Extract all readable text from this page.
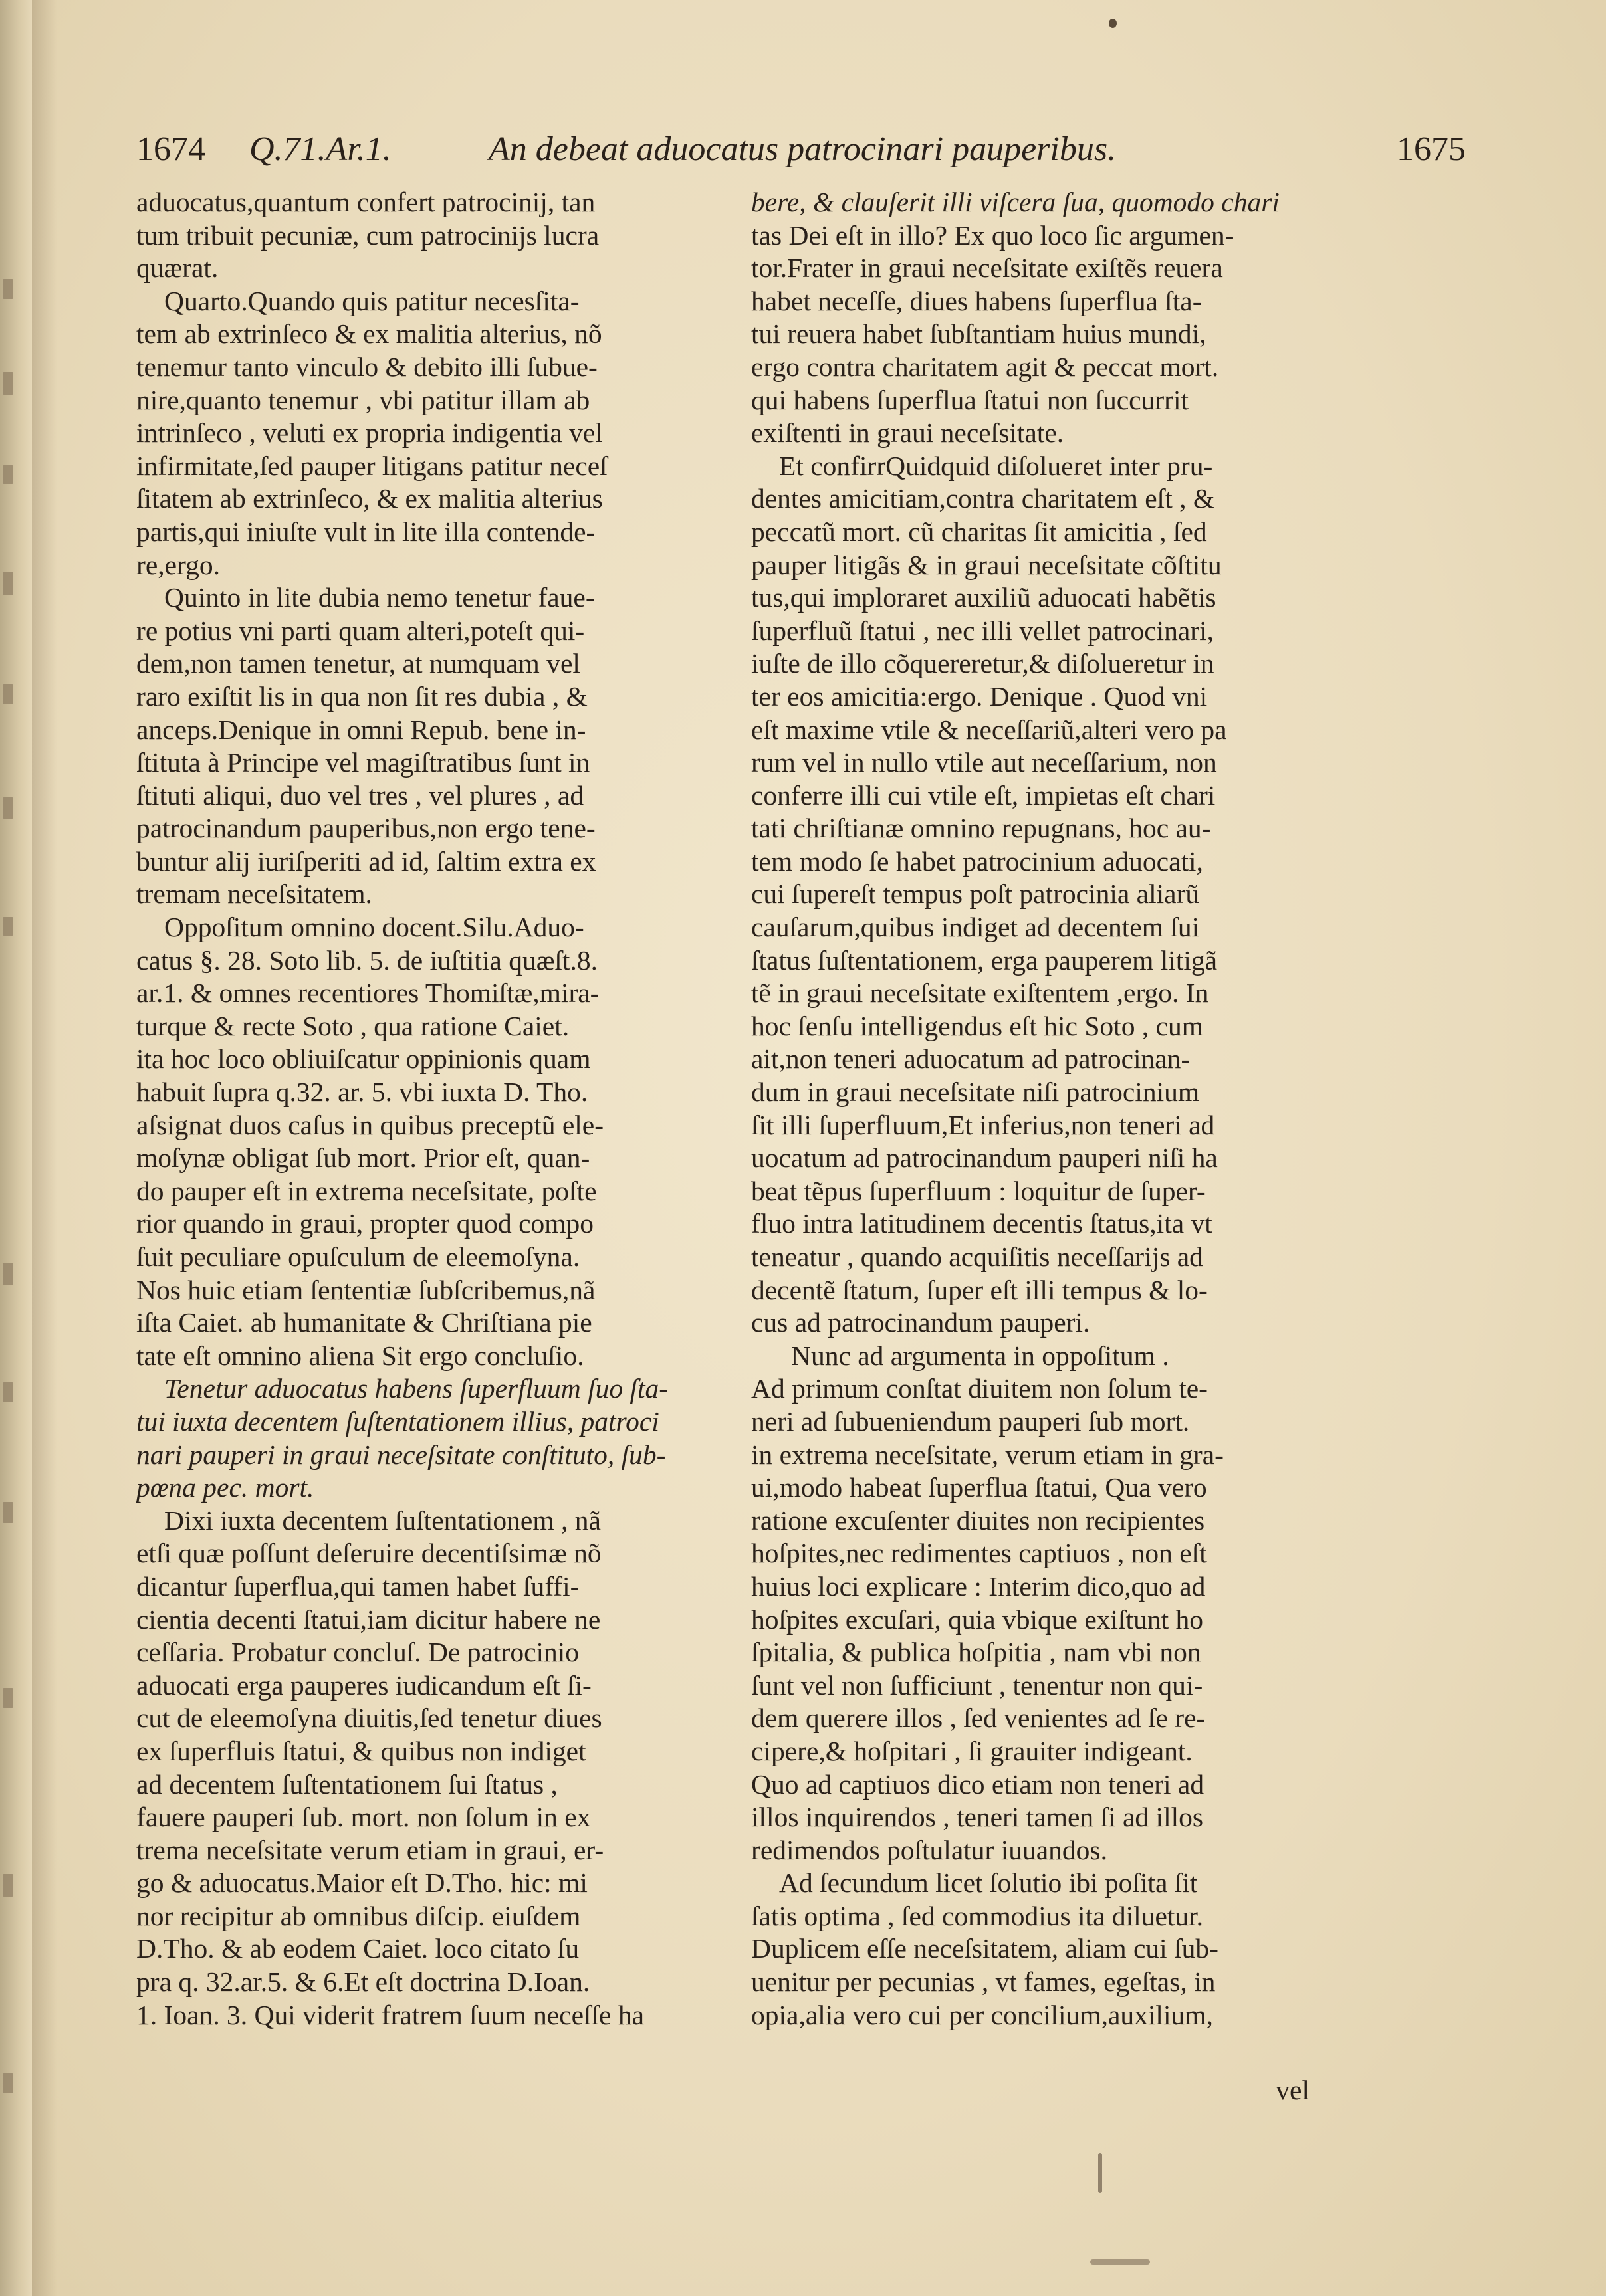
1674 Q.71.Ar.1.	An debeat aduocatus patrocinari pauperibus.	1675

aduocatus,quantum confert patrocinij, tan
tum tribuit pecuniæ, cum patrocinijs lucra
quærat.

Quarto.Quando quis patitur necesſita-
tem ab extrinſeco & ex malitia alterius, nõ
tenemur tanto vinculo & debito illi ſubue-
nire,quanto tenemur , vbi patitur illam ab
intrinſeco , veluti ex propria indigentia vel
infirmitate,ſed pauper litigans patitur neceſ
ſitatem ab extrinſeco, & ex malitia alterius
partis,qui iniuſte vult in lite illa contende-
re,ergo.

Quinto in lite dubia nemo tenetur faue-
re potius vni parti quam alteri,poteſt qui-
dem,non tamen tenetur, at numquam vel
raro exiſtit lis in qua non ſit res dubia , &
anceps.Denique in omni Repub. bene in-
ſtituta à Principe vel magiſtratibus ſunt in
ſtituti aliqui, duo vel tres , vel plures , ad
patrocinandum pauperibus,non ergo tene-
buntur alij iuriſperiti ad id, ſaltim extra ex
tremam neceſsitatem.

Oppoſitum omnino docent.Silu.Aduo-
catus §. 28. Soto lib. 5. de iuſtitia quæſt.8.
ar.1. & omnes recentiores Thomiſtæ,mira-
turque & recte Soto , qua ratione Caiet.
ita hoc loco obliuiſcatur oppinionis quam
habuit ſupra q.32. ar. 5. vbi iuxta D. Tho.
aſsignat duos caſus in quibus preceptũ ele-
moſynæ obligat ſub mort. Prior eſt, quan-
do pauper eſt in extrema neceſsitate, poſte
rior quando in graui, propter quod compo
ſuit peculiare opuſculum de eleemoſyna.
Nos huic etiam ſententiæ ſubſcribemus,nã
iſta Caiet. ab humanitate & Chriſtiana pie
tate eſt omnino aliena Sit ergo concluſio.

Tenetur aduocatus habens ſuperfluum ſuo ſta-
tui iuxta decentem ſuſtentationem illius, patroci
nari pauperi in graui neceſsitate conſtituto, ſub-
pœna pec. mort.

Dixi iuxta decentem ſuſtentationem , nã
etſi quæ poſſunt deſeruire decentiſsimæ nõ
dicantur ſuperflua,qui tamen habet ſuffi-
cientia decenti ſtatui,iam dicitur habere ne
ceſſaria. Probatur concluſ. De patrocinio
aduocati erga pauperes iudicandum eſt ſi-
cut de eleemoſyna diuitis,ſed tenetur diues
ex ſuperfluis ſtatui, & quibus non indiget
ad decentem ſuſtentationem ſui ſtatus ,
fauere pauperi ſub. mort. non ſolum in ex
trema neceſsitate verum etiam in graui, er-
go & aduocatus.Maior eſt D.Tho. hic: mi
nor recipitur ab omnibus diſcip. eiuſdem
D.Tho. & ab eodem Caiet. loco citato ſu
pra q. 32.ar.5. & 6.Et eſt doctrina D.Ioan.
1. Ioan. 3. Qui viderit fratrem ſuum neceſſe ha

bere, & clauſerit illi viſcera ſua, quomodo chari
tas Dei eſt in illo? Ex quo loco ſic argumen-
tor.Frater in graui neceſsitate exiſtẽs reuera
habet neceſſe, diues habens ſuperflua ſta-
tui reuera habet ſubſtantiam huius mundi,
ergo contra charitatem agit & peccat mort.
qui habens ſuperflua ſtatui non ſuccurrit
exiſtenti in graui neceſsitate.

Et confirrQuidquid diſolueret inter pru-
dentes amicitiam,contra charitatem eſt , &
peccatũ mort. cũ charitas ſit amicitia , ſed
pauper litigãs & in graui neceſsitate cõſtitu
tus,qui imploraret auxiliũ aduocati habẽtis
ſuperfluũ ſtatui , nec illi vellet patrocinari,
iuſte de illo cõquereretur,& diſolueretur in
ter eos amicitia:ergo. Denique . Quod vni
eſt maxime vtile & neceſſariũ,alteri vero pa
rum vel in nullo vtile aut neceſſarium, non
conferre illi cui vtile eſt, impietas eſt chari
tati chriſtianæ omnino repugnans, hoc au-
tem modo ſe habet patrocinium aduocati,
cui ſupereſt tempus poſt patrocinia aliarũ
cauſarum,quibus indiget ad decentem ſui
ſtatus ſuſtentationem, erga pauperem litigã
tẽ in graui neceſsitate exiſtentem ,ergo. In
hoc ſenſu intelligendus eſt hic Soto , cum
ait,non teneri aduocatum ad patrocinan-
dum in graui neceſsitate niſi patrocinium
ſit illi ſuperfluum,Et inferius,non teneri ad
uocatum ad patrocinandum pauperi niſi ha
beat tẽpus ſuperfluum : loquitur de ſuper-
fluo intra latitudinem decentis ſtatus,ita vt
teneatur , quando acquiſitis neceſſarijs ad
decentẽ ſtatum, ſuper eſt illi tempus & lo-
cus ad patrocinandum pauperi.

Nunc ad argumenta in oppoſitum .
Ad primum conſtat diuitem non ſolum te-
neri ad ſubueniendum pauperi ſub mort.
in extrema neceſsitate, verum etiam in gra-
ui,modo habeat ſuperflua ſtatui, Qua vero
ratione excuſenter diuites non recipientes
hoſpites,nec redimentes captiuos , non eſt
huius loci explicare : Interim dico,quo ad
hoſpites excuſari, quia vbique exiſtunt ho
ſpitalia, & publica hoſpitia , nam vbi non
ſunt vel non ſufficiunt , tenentur non qui-
dem querere illos , ſed venientes ad ſe re-
cipere,& hoſpitari , ſi grauiter indigeant.
Quo ad captiuos dico etiam non teneri ad
illos inquirendos , teneri tamen ſi ad illos
redimendos poſtulatur iuuandos.

Ad ſecundum licet ſolutio ibi poſita ſit
ſatis optima , ſed commodius ita diluetur.
Duplicem eſſe neceſsitatem, aliam cui ſub-
uenitur per pecunias , vt fames, egeſtas, in
opia,alia vero cui per concilium,auxilium,

vel
